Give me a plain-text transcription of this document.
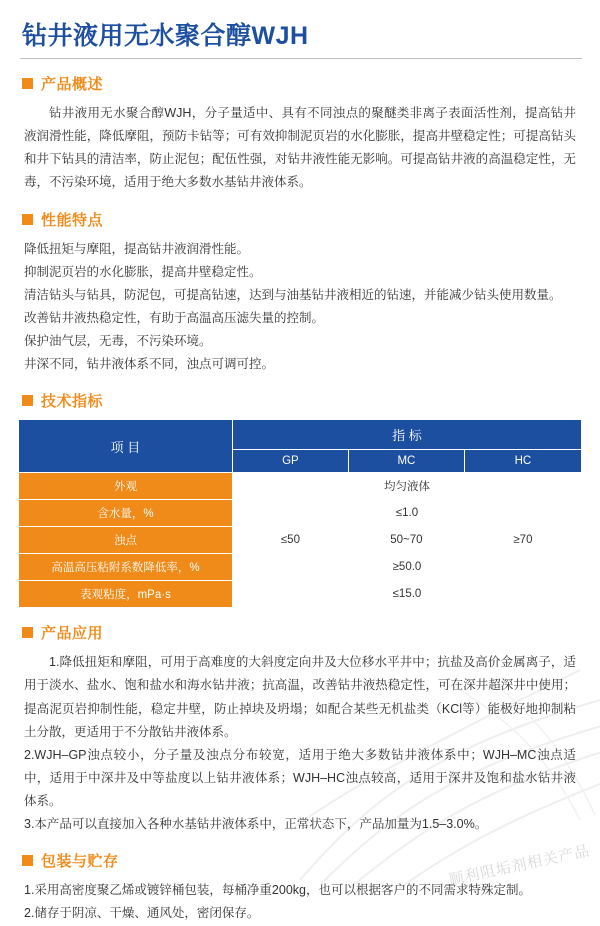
顺利阻垢剂相关产品
钻井液用无水聚合醇WJH
产品概述

钻井液用无水聚合醇WJH，分子量适中、具有不同浊点的聚醚类非离子表面活性剂，提高钻井液润滑性能，降低摩阻，预防卡钻等；可有效抑制泥页岩的水化膨胀，提高井壁稳定性；可提高钻头和井下钻具的清洁率，防止泥包；配伍性强，对钻井液性能无影响。可提高钻井液的高温稳定性，无毒，不污染环境，适用于绝大多数水基钻井液体系。

性能特点

降低扭矩与摩阻，提高钻井液润滑性能。

抑制泥页岩的水化膨胀，提高井壁稳定性。

清洁钻头与钻具，防泥包，可提高钻速，达到与油基钻井液相近的钻速，并能减少钻头使用数量。

改善钻井液热稳定性，有助于高温高压滤失量的控制。

保护油气层，无毒，不污染环境。

井深不同，钻井液体系不同，浊点可调可控。

技术指标
项 目	指 标		
	GP	MC	HC
外观	均匀液体		
含水量，%	≤1.0		
浊点	≤50	50~70	≥70
高温高压粘附系数降低率，%	≥50.0		
表观粘度，mPa·s	≤15.0		
产品应用

1.降低扭矩和摩阻，可用于高难度的大斜度定向井及大位移水平井中；抗盐及高价金属离子，适用于淡水、盐水、饱和盐水和海水钻井液；抗高温，改善钻井液热稳定性，可在深井超深井中使用；提高泥页岩抑制性能，稳定井壁，防止掉块及坍塌；如配合某些无机盐类（KCl等）能极好地抑制粘土分散，更适用于不分散钻井液体系。

2.WJH–GP浊点较小，分子量及浊点分布较宽，适用于绝大多数钻井液体系中；WJH–MC浊点适中，适用于中深井及中等盐度以上钻井液体系；WJH–HC浊点较高，适用于深井及饱和盐水钻井液体系。

3.本产品可以直接加入各种水基钻井液体系中，正常状态下，产品加量为1.5–3.0%。

包装与贮存

1.采用高密度聚乙烯或镀锌桶包装，每桶净重200kg，也可以根据客户的不同需求特殊定制。

2.储存于阴凉、干燥、通风处，密闭保存。
